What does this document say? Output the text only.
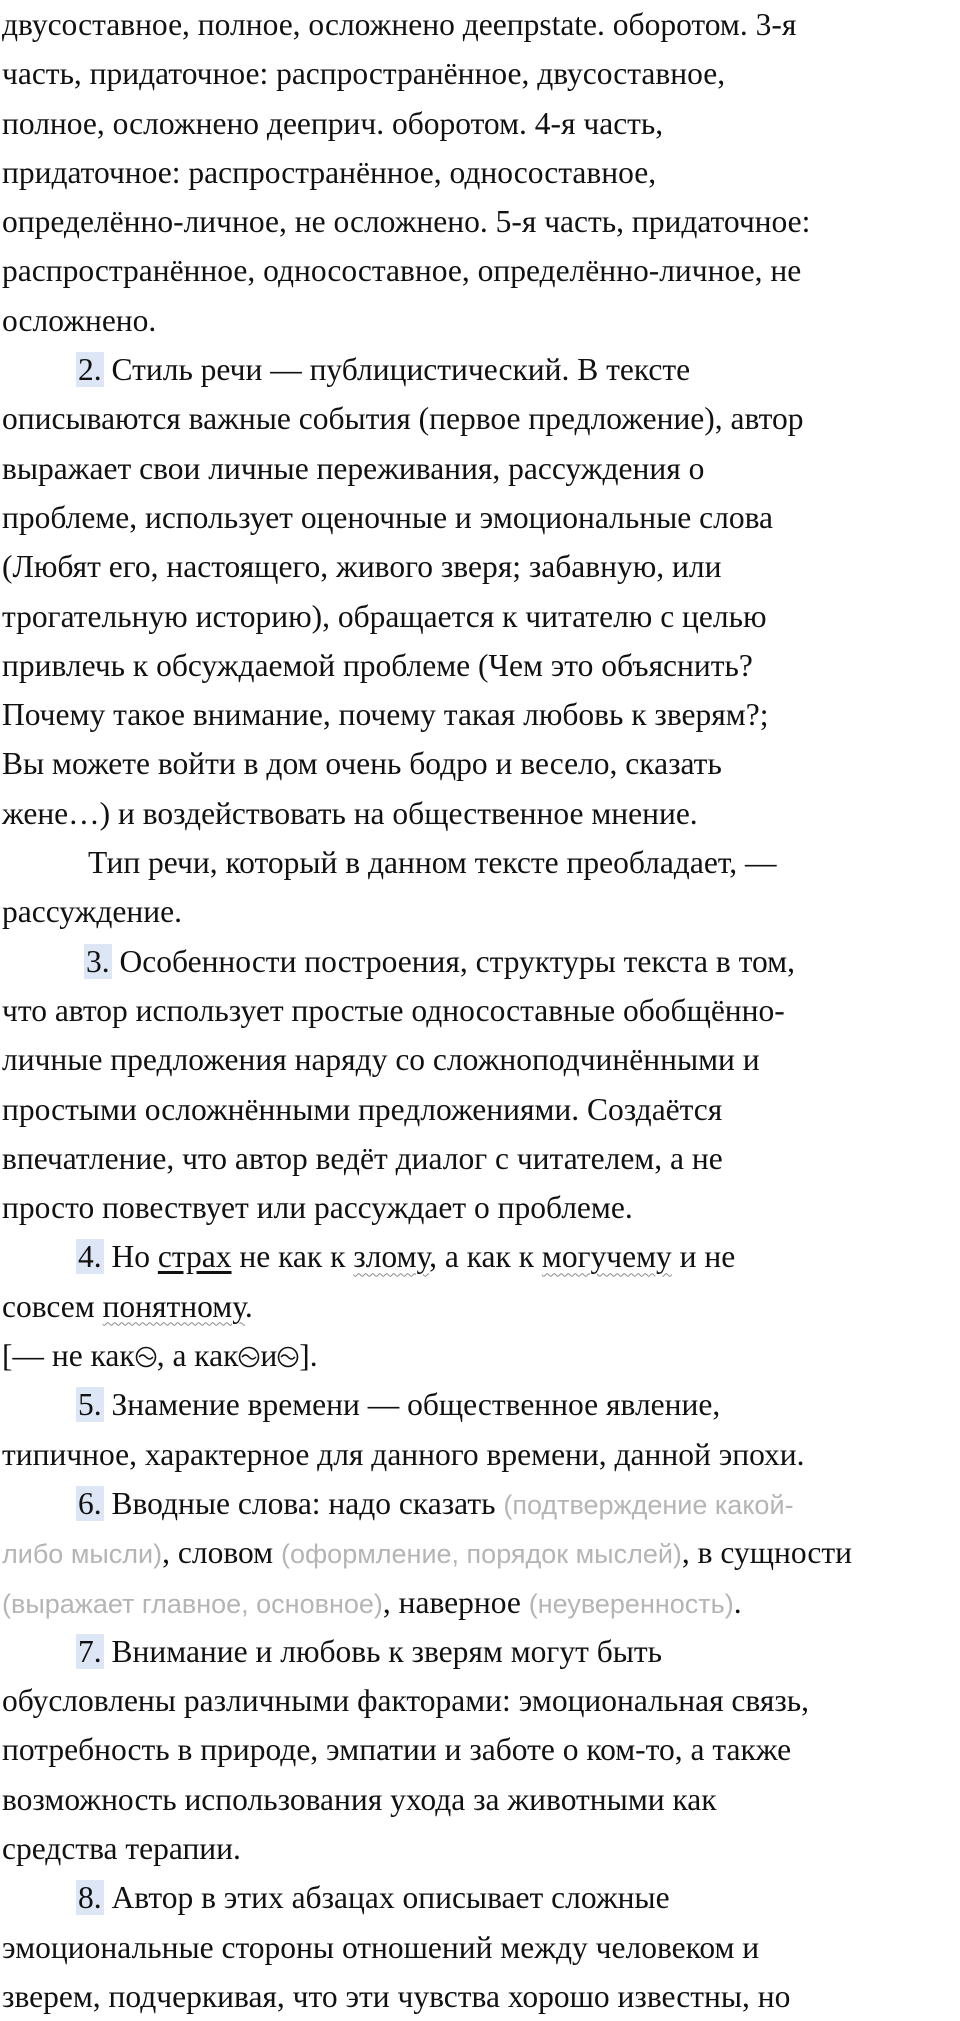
двусоставное, полное, осложнено деепрstate. оборотом. 3-я
часть, придаточное: распространённое, двусоставное,
полное, осложнено дееприч. оборотом. 4-я часть,
придаточное: распространённое, односоставное,
определённо-личное, не осложнено. 5-я часть, придаточное:
распространённое, односоставное, определённо-личное, не
осложнено.
2. Стиль речи — публицистический. В тексте
описываются важные события (первое предложение), автор
выражает свои личные переживания, рассуждения о
проблеме, использует оценочные и эмоциональные слова
(Любят его, настоящего, живого зверя; забавную, или
трогательную историю), обращается к читателю с целью
привлечь к обсуждаемой проблеме (Чем это объяснить?
Почему такое внимание, почему такая любовь к зверям?;
Вы можете войти в дом очень бодро и весело, сказать
жене…) и воздействовать на общественное мнение.
Тип речи, который в данном тексте преобладает, —
рассуждение.
3. Особенности построения, структуры текста в том,
что автор использует простые односоставные обобщённо-
личные предложения наряду со сложноподчинёнными и
простыми осложнёнными предложениями. Создаётся
впечатление, что автор ведёт диалог с читателем, а не
просто повествует или рассуждает о проблеме.
4. Но страх не как к злому, а как к могучему и не
совсем понятному.
[— не как , а как и ].
5. Знамение времени — общественное явление,
типичное, характерное для данного времени, данной эпохи.
6. Вводные слова: надо сказать (подтверждение какой-
либо мысли), словом (оформление, порядок мыслей), в сущности
(выражает главное, основное), наверное (неуверенность).
7. Внимание и любовь к зверям могут быть
обусловлены различными факторами: эмоциональная связь,
потребность в природе, эмпатии и заботе о ком-то, а также
возможность использования ухода за животными как
средства терапии.
8. Автор в этих абзацах описывает сложные
эмоциональные стороны отношений между человеком и
зверем, подчеркивая, что эти чувства хорошо известны, но
